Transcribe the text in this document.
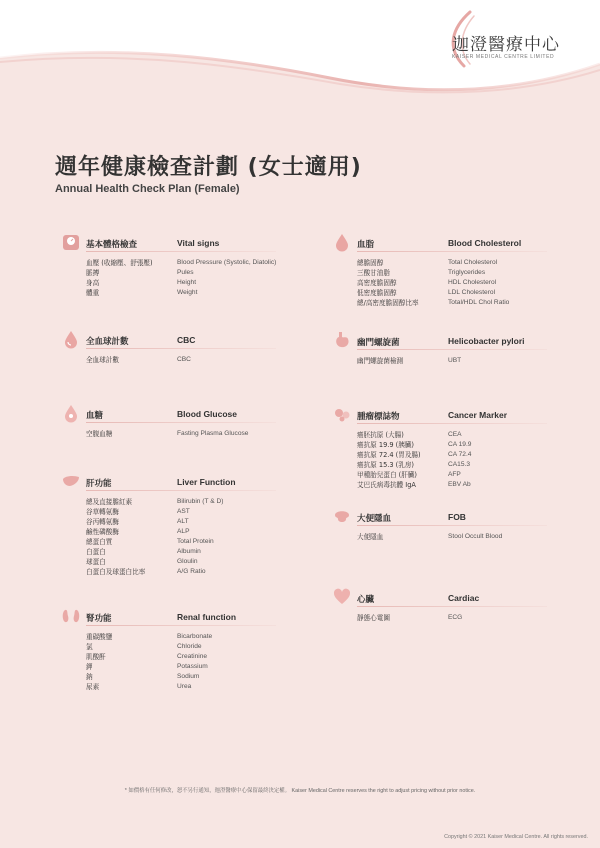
迦澄醫療中心
KAISER MEDICAL CENTRE LIMITED
週年健康檢查計劃 (女士適用)
Annual Health Check Plan (Female)
基本體格檢查	Vital signs
血壓 (收縮壓、舒張壓)	Blood Pressure (Systolic, Diatolic)
脈搏	Pules
身高	Height
體重	Weight
全血球計數	CBC
全血球計數	CBC
血糖	Blood Glucose
空腹血糖	Fasting Plasma Glucose
肝功能	Liver Function
總及直接膽紅素	Bilirubin (T & D)
谷草轉氨酶	AST
谷丙轉氨酶	ALT
鹼性磷酸酶	ALP
總蛋白質	Total Protein
白蛋白	Albumin
球蛋白	Gloulin
白蛋白及球蛋白比率	A/G Ratio
腎功能	Renal function
重碳酸鹽	Bicarbonate
氯	Chloride
肌酸酐	Creatinine
鉀	Potassium
鈉	Sodium
尿素	Urea
血脂	Blood Cholesterol
總膽固醇	Total Cholesterol
三酸甘油脂	Triglycerides
高密度膽固醇	HDL Cholesterol
低密度膽固醇	LDL Cholesterol
總/高密度膽固醇比率	Total/HDL Chol Ratio
幽門螺旋菌	Helicobacter pylori
幽門螺旋菌檢測	UBT
腫瘤標誌物	Cancer Marker
癌胚抗原 (大腸)	CEA
癌抗原 19.9 (胰臟)	CA 19.9
癌抗原 72.4 (胃及腸)	CA 72.4
癌抗原 15.3 (乳房)	CA15.3
甲種胎兒蛋白 (肝臟)	AFP
艾巴氏病毒抗體 IgA	EBV Ab
大便隱血	FOB
大便隱血	Stool Occult Blood
心臟	Cardiac
靜態心電圖	ECG
* 如價格有任何修改，恕不另行通知，迦澄醫療中心保留最終決定權。 Kaiser Medical Centre reserves the right to adjust pricing without prior notice.
Copyright © 2021 Kaiser Medical Centre. All rights reserved.
